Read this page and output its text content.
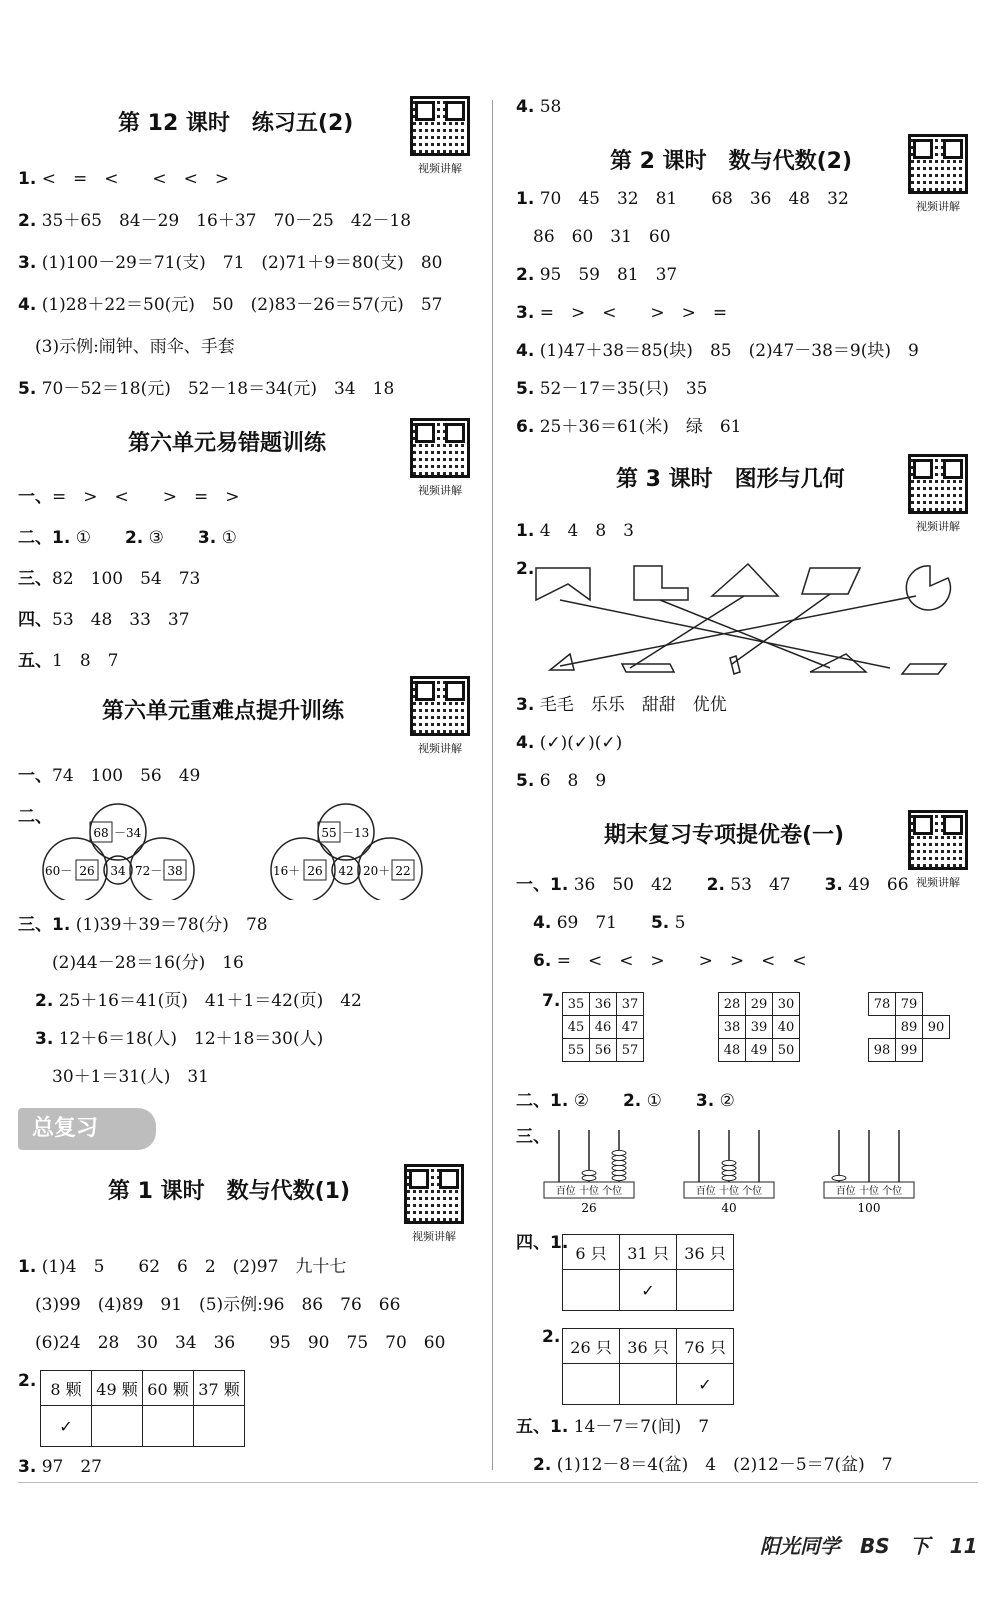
第 12 课时　练习五(2)
视频讲解
1. <　=　<　　<　<　>
2. 35＋65　84－29　16＋37　70－25　42－18
3. (1)100－29＝71(支)　71　(2)71＋9＝80(支)　80
4. (1)28＋22＝50(元)　50　(2)83－26＝57(元)　57
　(3)示例:闹钟、雨伞、手套
5. 70－52＝18(元)　52－18＝34(元)　34　18
第六单元易错题训练
视频讲解
一、=　>　<　　>　=　>
二、1. ①　　2. ③　　3. ①
三、82　100　54　73
四、53　48　33　37
五、1　8　7
第六单元重难点提升训练
视频讲解
一、74　100　56　49
二、
68 －34
60－ 26 34 72－ 38
55 －13
16＋ 26 42 20＋ 22
三、1. (1)39＋39＝78(分)　78
　　(2)44－28＝16(分)　16
　2. 25＋16＝41(页)　41＋1＝42(页)　42
　3. 12＋6＝18(人)　12＋18＝30(人)
　　30＋1＝31(人)　31
总复习
第 1 课时　数与代数(1)
视频讲解
1. (1)4　5　　62　6　2　(2)97　九十七
　(3)99　(4)89　91　(5)示例:96　86　76　66
　(6)24　28　30　34　36　　95　90　75　70　60
2. 8 颗	49 颗	60 颗	37 颗
✓			
3. 97　27
4. 58
第 2 课时　数与代数(2)
视频讲解
1. 70　45　32　81　　68　36　48　32
　86　60　31　60
2. 95　59　81　37
3. =　>　<　　>　>　=
4. (1)47＋38＝85(块)　85　(2)47－38＝9(块)　9
5. 52－17＝35(只)　35
6. 25＋36＝61(米)　绿　61
第 3 课时　图形与几何
视频讲解
1. 4　4　8　3
2.
3. 毛毛　乐乐　甜甜　优优
4. (✓)(✓)(✓)
5. 6　8　9
期末复习专项提优卷(一)
视频讲解
一、1. 36　50　42　　2. 53　47　　3. 49　66
　4. 69　71　　5. 5
　6. =　<　<　>　　>　>　<　<
7. 35	36	37
45	46	47
55	56	57
28	29	30
38	39	40
48	49	50
78	79	
	89	90
98	99	
二、1. ②　　2. ①　　3. ②
三、
百位 十位 个位
26
百位 十位 个位
40
百位 十位 个位
100
四、1. 6 只	31 只	36 只
	✓	
2. 26 只	36 只	76 只
		✓
五、1. 14－7＝7(间)　7
　2. (1)12－8＝4(盆)　4　(2)12－5＝7(盆)　7
阳光同学　BS　下　11
